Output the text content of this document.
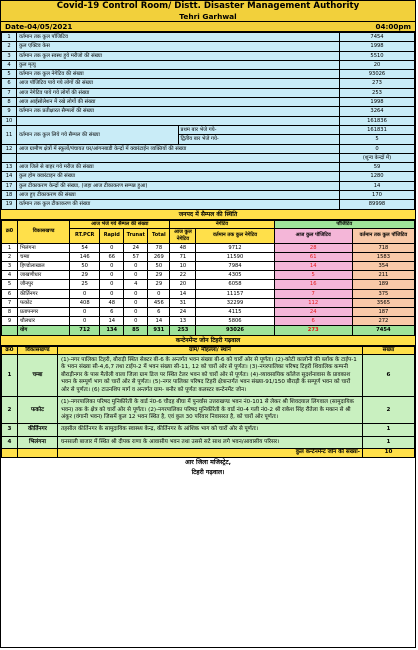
Covid-19 Control Room/ Distt. Disaster Management Authority
Tehri Garhwal
Date-04/05/2021	04:00pm
1	वर्तमान तक कुल पॉजिटिव		7454
2	कुल एक्टिव केस		1998
3	वर्तमान तक कुल स्वस्थ हुये मरीजो की संख्या		5510
4	कुल मृत्यु		20
5	वर्तमान तक कुल नेगेटिव की संख्या		93026
6	आज पॉजिटिव पाये गये लोगों की संख्या		273
7	आज नेगेटिव पाये गये लोगों की संख्या		253
8	आज आईसोलेशन में रखे लोगों की संख्या		1998
9	वर्तमान तक प्रतीक्षारत सैम्पलों की संख्या		3264
10			161836
11	वर्तमान तक कुल लिये गये सैम्पल की संख्या	प्रथम बार भेजे गये-	161831
		द्वितीय बार भेजे गये-	5
12	आज ग्रामीण क्षेत्रों में स्कूलों/पंचायत घर/आंगनबाडी केन्द्रों में क्वारंटाईन व्यक्तियों की संख्या		0
			(शून्य केन्द्रों में)
13	आज जिले से बाहर गये मरीज की संख्या		59
14	कुल होम क्वारंटाइन की संख्या		1280
17	कुल टीकाकरण केन्द्रों की संख्या, (जहा आज टीकाकरण सम्पन्न हुआ)		14
18	आज हुए टीकाकरण की संख्या		170
19	वर्तमान तक कुल टीकाकरण की संख्या		89998
जनपद में सैम्पल की स्थिति
क्र0	विकासखण्ड	आज भेजे गये सैम्पल की संख्या				नेगेटिव		पॉजिटिव	
		RT.PCR	Rapid	Trunat	Total	आज कुल नेगेटिव	वर्तमान तक कुल नेगेटिव	आज कुल पॉजिटिव	वर्तमान तक कुल पॉजिटिव
1	भिलंगना	54	0	24	78	48	9712	28	718
2	चम्बा	146	66	57	269	71	11590	61	1583
3	हिण्डोलाखाल	50	0	0	50	10	7984	14	354
4	जाखणीधार	29	0	0	29	22	4305	5	211
5	जौनपुर	25	0	4	29	20	6058	16	189
6	कीर्तिनगर	0	0	0	0	14	11157	7	375
7	फकोट	408	48	0	456	31	32299	112	3565
8	प्रतापनगर	0	6	0	6	24	4115	24	187
9	थौलधार	0	14	0	14	13	5806	6	272
	योग	712	134	85	931	253	93026	273	7454
कन्टेनमेंन्ट जोन टिहरी गढ़वाल
क्र0	विकासखण्ड	ग्राम/ मौहल्ला/ स्थान	संख्या
1	चम्बा	(1)-नगर पालिका टिहरी, बौराड़ी स्थित सेक्टर बी-6 के अन्तर्गत भवन संख्या बी-6 को चारों ओर से पूर्णतः। (2)-कोटी कालोनी की ब्लॉक के टाईप-1 के भवन संख्या सी-4,6,7 तथा टाईप-2 में भवन संख्या सी-11, 12 को चारों ओर से पूर्णतः। (3)-नगरपालिका परिषद टिहरी शिवालिक कम्पनी बौराड़ीनगर के पास मैतोली वाला जिला ग्राम डिज पर स्थित टेलर भवन को चारों ओर से पूर्णतः। (4)-व्यावसायिक कॉलेज सुदर्शनावास के प्रावकाश भवन के सम्पूर्ण भाग को चारों ओर से पूर्णतः। (5)-नगर पालिका परिषद टिहरी क्षेत्रान्तर्गत भवन संख्या-91/150 बौराड़ी के सम्पूर्ण भवन को चारों ओर से पूर्णतः। (6) टाउनशिप मार्ग व अन्तर्गत ग्राम- बनौर को पूर्णतः कलस्टर कन्टेनमेंट जोन।	6
2	फकोट	(1)-नगरपालिका परिषद मुनिकीरेती के वार्ड नं0-6 चौदह बीघा में पुनर्वास उत्तराखण्ड भवन नं0-101 से लेकर श्री शिवदयाल लिंगवाल (सामुदायिक भवन) तक के क्षेत्र को चारों ओर से पूर्णतः। (2)-नगरपालिका परिषद मुनिकीरेती के वार्ड नं0-4 गली नं0-2 श्री राकेश सिंह रौतेला के मकान से श्री अंकुर (वंगानी भवन) जिसमें कुल 12 भवन स्थित है, एवं कुल 30 परिवार निवासरत है, को चारों ओर पूर्णतः।	2
3	कीर्तिनगर	तहसील कीर्तिनगर के सामुदायिक स्वास्थ्य केन्द्र, कीर्तिनगर के आंशिक भाग को चारों ओर से पूर्णतः।	1
4	भिलंगना	घनसाली बाजार में स्थित श्री दीपक राणा के आवासीय भवन तथा उससे सटे साथ लगे भवन/आवासीय परिसर।	1
		कुल कन्टेनमेंन्ट जोन की संख्या-	10
आर जिला मजिस्ट्रेट,
टिहरी गढ़वाल।
